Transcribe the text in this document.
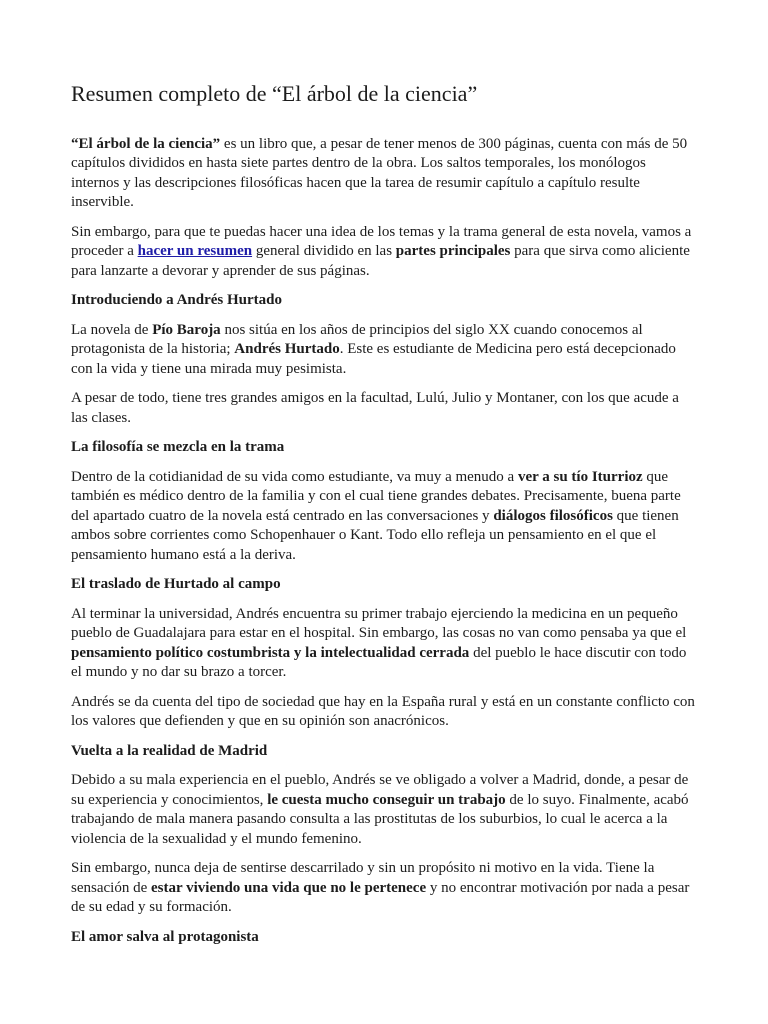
Resumen completo de “El árbol de la ciencia”

“El árbol de la ciencia” es un libro que, a pesar de tener menos de 300 páginas, cuenta con más de 50 capítulos divididos en hasta siete partes dentro de la obra. Los saltos temporales, los monólogos internos y las descripciones filosóficas hacen que la tarea de resumir capítulo a capítulo resulte inservible.

Sin embargo, para que te puedas hacer una idea de los temas y la trama general de esta novela, vamos a proceder a hacer un resumen general dividido en las partes principales para que sirva como aliciente para lanzarte a devorar y aprender de sus páginas.

Introduciendo a Andrés Hurtado

La novela de Pío Baroja nos sitúa en los años de principios del siglo XX cuando conocemos al protagonista de la historia; Andrés Hurtado. Este es estudiante de Medicina pero está decepcionado con la vida y tiene una mirada muy pesimista.

A pesar de todo, tiene tres grandes amigos en la facultad, Lulú, Julio y Montaner, con los que acude a las clases.

La filosofía se mezcla en la trama

Dentro de la cotidianidad de su vida como estudiante, va muy a menudo a ver a su tío Iturrioz que también es médico dentro de la familia y con el cual tiene grandes debates. Precisamente, buena parte del apartado cuatro de la novela está centrado en las conversaciones y diálogos filosóficos que tienen ambos sobre corrientes como Schopenhauer o Kant. Todo ello refleja un pensamiento en el que el pensamiento humano está a la deriva.

El traslado de Hurtado al campo

Al terminar la universidad, Andrés encuentra su primer trabajo ejerciendo la medicina en un pequeño pueblo de Guadalajara para estar en el hospital. Sin embargo, las cosas no van como pensaba ya que el pensamiento político costumbrista y la intelectualidad cerrada del pueblo le hace discutir con todo el mundo y no dar su brazo a torcer.

Andrés se da cuenta del tipo de sociedad que hay en la España rural y está en un constante conflicto con los valores que defienden y que en su opinión son anacrónicos.

Vuelta a la realidad de Madrid

Debido a su mala experiencia en el pueblo, Andrés se ve obligado a volver a Madrid, donde, a pesar de su experiencia y conocimientos, le cuesta mucho conseguir un trabajo de lo suyo. Finalmente, acabó trabajando de mala manera pasando consulta a las prostitutas de los suburbios, lo cual le acerca a la violencia de la sexualidad y el mundo femenino.

Sin embargo, nunca deja de sentirse descarrilado y sin un propósito ni motivo en la vida. Tiene la sensación de estar viviendo una vida que no le pertenece y no encontrar motivación por nada a pesar de su edad y su formación.

El amor salva al protagonista
